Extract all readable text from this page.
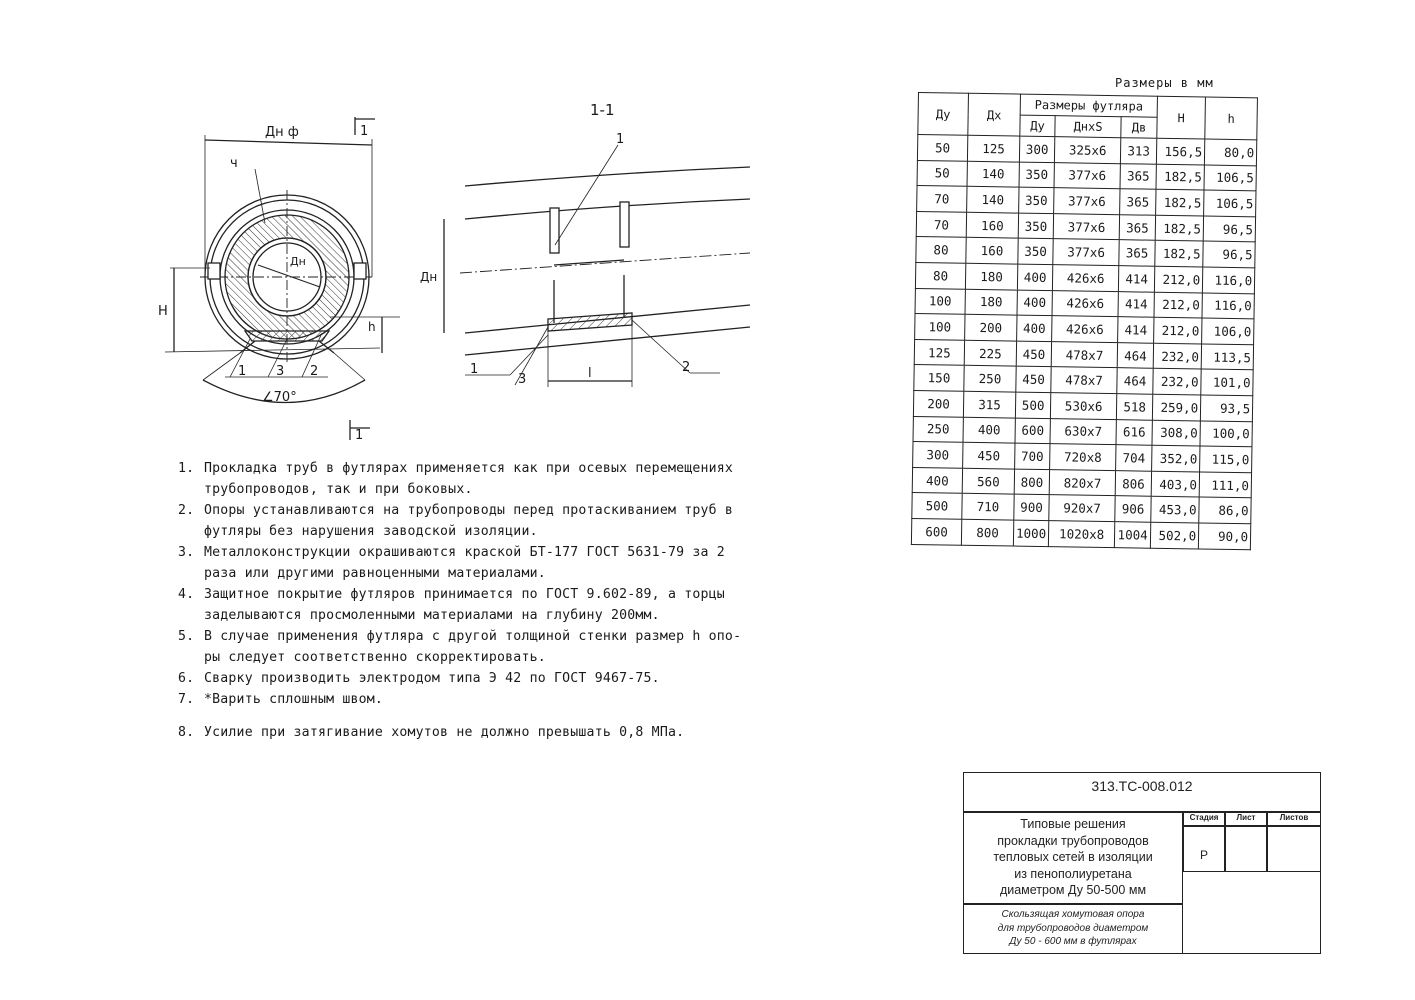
Дн ф
ч
Дн
Н
h
1 3 2
∠70°
1
1
1-1
1
Дн
1
3	l	2
1. Прокладка труб в футлярах применяется как при осевых перемещениях
трубопроводов, так и при боковых.
2. Опоры устанавливаются на трубопроводы перед протаскиванием труб в
футляры без нарушения заводской изоляции.
3. Металлоконструкции окрашиваются краской БТ-177 ГОСТ 5631-79 за 2
раза или другими равноценными материалами.
4. Защитное покрытие футляров принимается по ГОСТ 9.602-89, а торцы
заделываются просмоленными материалами на глубину 200мм.
5. В случае применения футляра с другой толщиной стенки размер h опо-
ры следует соответственно скорректировать.
6. Сварку производить электродом типа Э 42 по ГОСТ 9467-75.
7. *Варить сплошным швом.
8. Усилие при затягивание хомутов не должно превышать 0,8 МПа.
Размеры в мм
Ду	Дх	Размеры футляра			Н	h
		Ду	ДнхS	Дв		
50	125	300	325x6	313	156,5	80,0
50	140	350	377x6	365	182,5	106,5
70	140	350	377x6	365	182,5	106,5
70	160	350	377x6	365	182,5	96,5
80	160	350	377x6	365	182,5	96,5
80	180	400	426x6	414	212,0	116,0
100	180	400	426x6	414	212,0	116,0
100	200	400	426x6	414	212,0	106,0
125	225	450	478x7	464	232,0	113,5
150	250	450	478x7	464	232,0	101,0
200	315	500	530x6	518	259,0	93,5
250	400	600	630x7	616	308,0	100,0
300	450	700	720x8	704	352,0	115,0
400	560	800	820x7	806	403,0	111,0
500	710	900	920x7	906	453,0	86,0
600	800	1000	1020x8	1004	502,0	90,0
313.ТС-008.012
Типовые решения
прокладки трубопроводов
тепловых сетей в изоляции
из пенополиуретана
диаметром Ду 50-500 мм
Стадия	Лист	Листов
Р
Скользящая хомутовая опора
для трубопроводов диаметром
Ду 50 - 600 мм в футлярах
